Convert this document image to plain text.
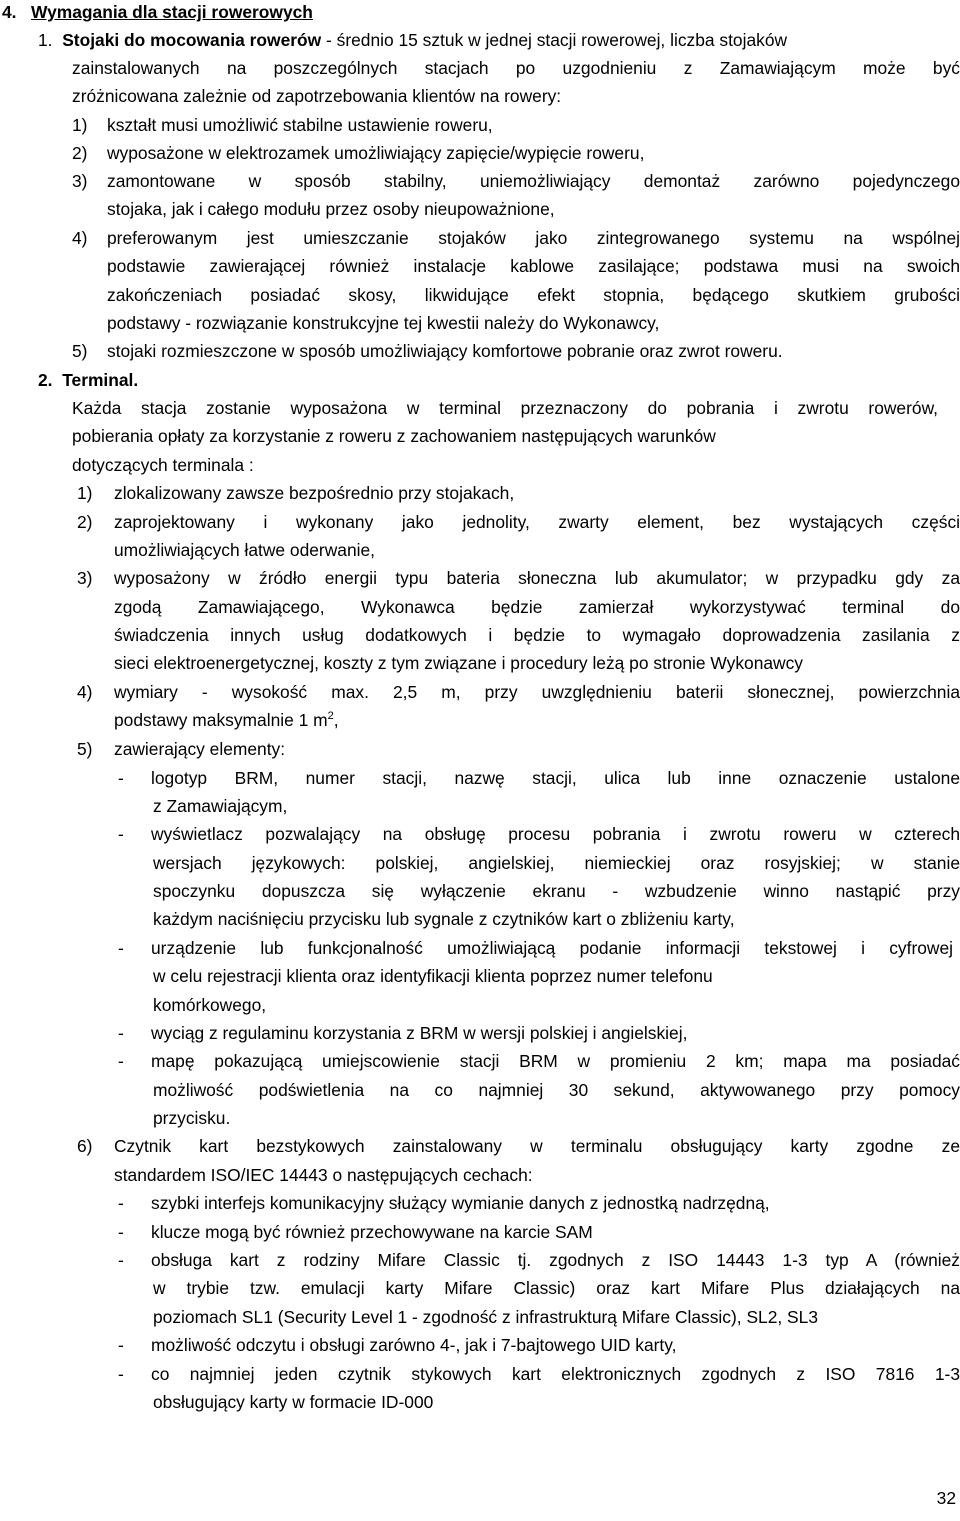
4. Wymagania dla stacji rowerowych
1. Stojaki do mocowania rowerów - średnio 15 sztuk w jednej stacji rowerowej, liczba stojaków
zainstalowanych na poszczególnych stacjach po uzgodnieniu z Zamawiającym może być
zróżnicowana zależnie od zapotrzebowania klientów na rowery:
1) kształt musi umożliwić stabilne ustawienie roweru,
2) wyposażone w elektrozamek umożliwiający zapięcie/wypięcie roweru,
3) zamontowane w sposób stabilny, uniemożliwiający demontaż zarówno pojedynczego
stojaka, jak i całego modułu przez osoby nieupoważnione,
4) preferowanym jest umieszczanie stojaków jako zintegrowanego systemu na wspólnej
podstawie zawierającej również instalacje kablowe zasilające; podstawa musi na swoich
zakończeniach posiadać skosy, likwidujące efekt stopnia, będącego skutkiem grubości
podstawy - rozwiązanie konstrukcyjne tej kwestii należy do Wykonawcy,
5) stojaki rozmieszczone w sposób umożliwiający komfortowe pobranie oraz zwrot roweru.
2. Terminal.
Każda stacja zostanie wyposażona w terminal przeznaczony do pobrania i zwrotu rowerów,
pobierania opłaty za korzystanie z roweru z zachowaniem następujących warunków
dotyczących terminala :
1) zlokalizowany zawsze bezpośrednio przy stojakach,
2) zaprojektowany i wykonany jako jednolity, zwarty element, bez wystających części
umożliwiających łatwe oderwanie,
3) wyposażony w źródło energii typu bateria słoneczna lub akumulator; w przypadku gdy za
zgodą Zamawiającego, Wykonawca będzie zamierzał wykorzystywać terminal do
świadczenia innych usług dodatkowych i będzie to wymagało doprowadzenia zasilania z
sieci elektroenergetycznej, koszty z tym związane i procedury leżą po stronie Wykonawcy
4) wymiary - wysokość max. 2,5 m, przy uwzględnieniu baterii słonecznej, powierzchnia
podstawy maksymalnie 1 $m^2$,
5) zawierający elementy:
- logotyp BRM, numer stacji, nazwę stacji, ulica lub inne oznaczenie ustalone
z Zamawiającym,
- wyświetlacz pozwalający na obsługę procesu pobrania i zwrotu roweru w czterech
wersjach językowych: polskiej, angielskiej, niemieckiej oraz rosyjskiej; w stanie
spoczynku dopuszcza się wyłączenie ekranu - wzbudzenie winno nastąpić przy
każdym naciśnięciu przycisku lub sygnale z czytników kart o zbliżeniu karty,
- urządzenie lub funkcjonalność umożliwiającą podanie informacji tekstowej i cyfrowej
w celu rejestracji klienta oraz identyfikacji klienta poprzez numer telefonu
komórkowego,
- wyciąg z regulaminu korzystania z BRM w wersji polskiej i angielskiej,
- mapę pokazującą umiejscowienie stacji BRM w promieniu 2 km; mapa ma posiadać
możliwość podświetlenia na co najmniej 30 sekund, aktywowanego przy pomocy
przycisku.
6) Czytnik kart bezstykowych zainstalowany w terminalu obsługujący karty zgodne ze
standardem ISO/IEC 14443 o następujących cechach:
- szybki interfejs komunikacyjny służący wymianie danych z jednostką nadrzędną,
- klucze mogą być również przechowywane na karcie SAM
- obsługa kart z rodziny Mifare Classic tj. zgodnych z ISO 14443 1-3 typ A (również
w trybie tzw. emulacji karty Mifare Classic) oraz kart Mifare Plus działających na
poziomach SL1 (Security Level 1 - zgodność z infrastrukturą Mifare Classic), SL2, SL3
- możliwość odczytu i obsługi zarówno 4-, jak i 7-bajtowego UID karty,
- co najmniej jeden czytnik stykowych kart elektronicznych zgodnych z ISO 7816 1-3
obsługujący karty w formacie ID-000
32
